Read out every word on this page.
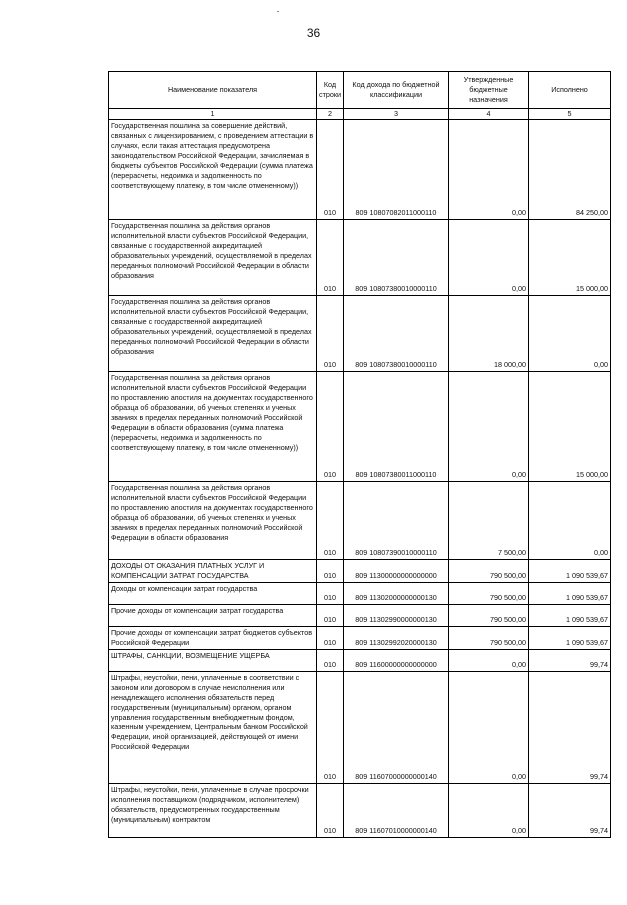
36
Наименование показателя	Код строки	Код дохода по бюджетной классификации	Утвержденные бюджетные назначения	Исполнено
1	2	3	4	5
Государственная пошлина за совершение действий, связанных с лицензированием, с проведением аттестации в случаях, если такая аттестация предусмотрена законодательством Российской Федерации, зачисляемая в бюджеты субъектов Российской Федерации (сумма платежа (перерасчеты, недоимка и задолженность по соответствующему платежу, в том числе отмененному))	010	809 10807082011000110	0,00	84 250,00
Государственная пошлина за действия органов исполнительной власти субъектов Российской Федерации, связанные с государственной аккредитацией образовательных учреждений, осуществляемой в пределах переданных полномочий Российской Федерации в области образования	010	809 10807380010000110	0,00	15 000,00
Государственная пошлина за действия органов исполнительной власти субъектов Российской Федерации, связанные с государственной аккредитацией образовательных учреждений, осуществляемой в пределах переданных полномочий Российской Федерации в области образования	010	809 10807380010000110	18 000,00	0,00
Государственная пошлина за действия органов исполнительной власти субъектов Российской Федерации по проставлению апостиля на документах государственного образца об образовании, об ученых степенях и ученых званиях в пределах переданных полномочий Российской Федерации в области образования (сумма платежа (перерасчеты, недоимка и задолженность по соответствующему платежу, в том числе отмененному))	010	809 10807380011000110	0,00	15 000,00
Государственная пошлина за действия органов исполнительной власти субъектов Российской Федерации по проставлению апостиля на документах государственного образца об образовании, об ученых степенях и ученых званиях в пределах переданных полномочий Российской Федерации в области образования	010	809 10807390010000110	7 500,00	0,00
ДОХОДЫ ОТ ОКАЗАНИЯ ПЛАТНЫХ УСЛУГ И КОМПЕНСАЦИИ ЗАТРАТ ГОСУДАРСТВА	010	809 11300000000000000	790 500,00	1 090 539,67
Доходы от компенсации затрат государства	010	809 11302000000000130	790 500,00	1 090 539,67
Прочие доходы от компенсации затрат государства	010	809 11302990000000130	790 500,00	1 090 539,67
Прочие доходы от компенсации затрат бюджетов субъектов Российской Федерации	010	809 11302992020000130	790 500,00	1 090 539,67
ШТРАФЫ, САНКЦИИ, ВОЗМЕЩЕНИЕ УЩЕРБА	010	809 11600000000000000	0,00	99,74
Штрафы, неустойки, пени, уплаченные в соответствии с законом или договором в случае неисполнения или ненадлежащего исполнения обязательств перед государственным (муниципальным) органом, органом управления государственным внебюджетным фондом, казенным учреждением, Центральным банком Российской Федерации, иной организацией, действующей от имени Российской Федерации	010	809 11607000000000140	0,00	99,74
Штрафы, неустойки, пени, уплаченные в случае просрочки исполнения поставщиком (подрядчиком, исполнителем) обязательств, предусмотренных государственным (муниципальным) контрактом	010	809 11607010000000140	0,00	99,74
